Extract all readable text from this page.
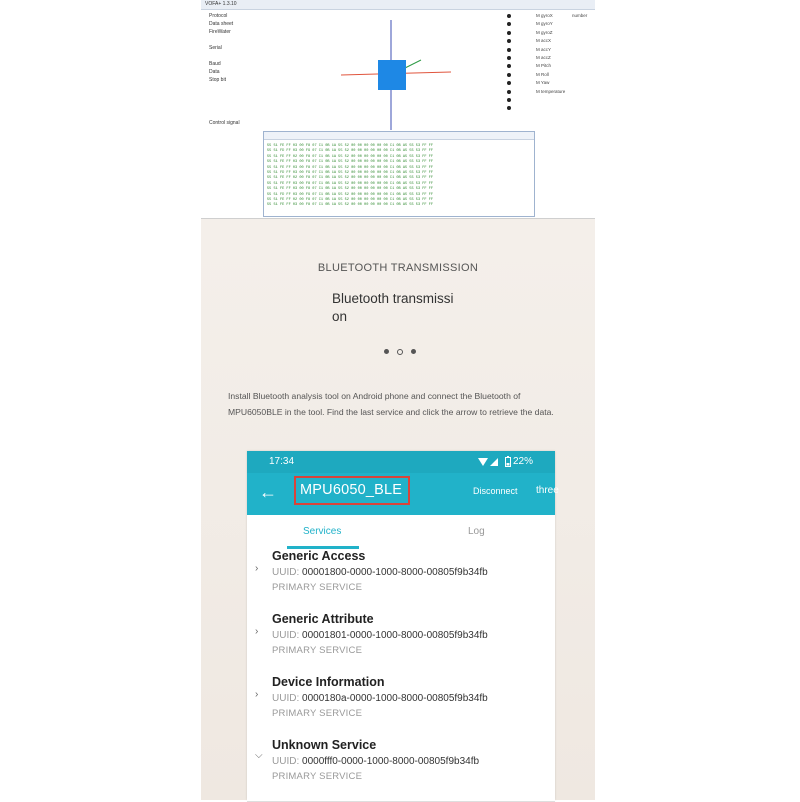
VOFA+ 1.3.10
Protocol
Data sheet
FireWater
Serial
Baud
Data
Stop bit
M gyroX	number
M gyroY
M gyroZ
M accX
M accY
M accZ
M Pitch
M Roll
M Yaw
M temperature
Control signal
55 51 FE FF 03 00 F8 07 C1 0B 1A 55 52 00 00 00 00 00 00 C1 0B A5 55 53 FF FF
55 51 FD FF 03 00 F9 07 C1 0B 1A 55 52 00 00 00 00 00 00 C1 0B A5 55 53 FF FF
55 51 FE FF 02 00 F8 07 C1 0B 1A 55 52 00 00 00 00 00 00 C1 0B A5 55 53 FF FF
55 51 FE FF 03 00 F8 07 C1 0B 1A 55 52 00 00 00 00 00 00 C1 0B A5 55 53 FF FF
55 51 FE FF 03 00 F8 07 C1 0B 1A 55 52 00 00 00 00 00 00 C1 0B A5 55 53 FF FF
55 51 FD FF 03 00 F9 07 C1 0B 1A 55 52 00 00 00 00 00 00 C1 0B A5 55 53 FF FF
55 51 FE FF 02 00 F8 07 C1 0B 1A 55 52 00 00 00 00 00 00 C1 0B A5 55 53 FF FF
55 51 FE FF 03 00 F8 07 C1 0B 1A 55 52 00 00 00 00 00 00 C1 0B A5 55 53 FF FF
55 51 FE FF 03 00 F8 07 C1 0B 1A 55 52 00 00 00 00 00 00 C1 0B A5 55 53 FF FF
55 51 FD FF 03 00 F9 07 C1 0B 1A 55 52 00 00 00 00 00 00 C1 0B A5 55 53 FF FF
55 51 FE FF 02 00 F8 07 C1 0B 1A 55 52 00 00 00 00 00 00 C1 0B A5 55 53 FF FF
55 51 FE FF 03 00 F8 07 C1 0B 1A 55 52 00 00 00 00 00 00 C1 0B A5 55 53 FF FF
BLUETOOTH TRANSMISSION
Bluetooth transmissi
on
Install Bluetooth analysis tool on Android phone and connect the Bluetooth of MPU6050BLE in the tool. Find the last service and click the arrow to retrieve the data.
17:34	22%
← MPU6050_BLE	Disconnect three
Services	Log
›
Generic Access
UUID: 00001800-0000-1000-8000-00805f9b34fb
PRIMARY SERVICE
›
Generic Attribute
UUID: 00001801-0000-1000-8000-00805f9b34fb
PRIMARY SERVICE
›
Device Information
UUID: 0000180a-0000-1000-8000-00805f9b34fb
PRIMARY SERVICE
⌵
Unknown Service
UUID: 0000fff0-0000-1000-8000-00805f9b34fb
PRIMARY SERVICE
